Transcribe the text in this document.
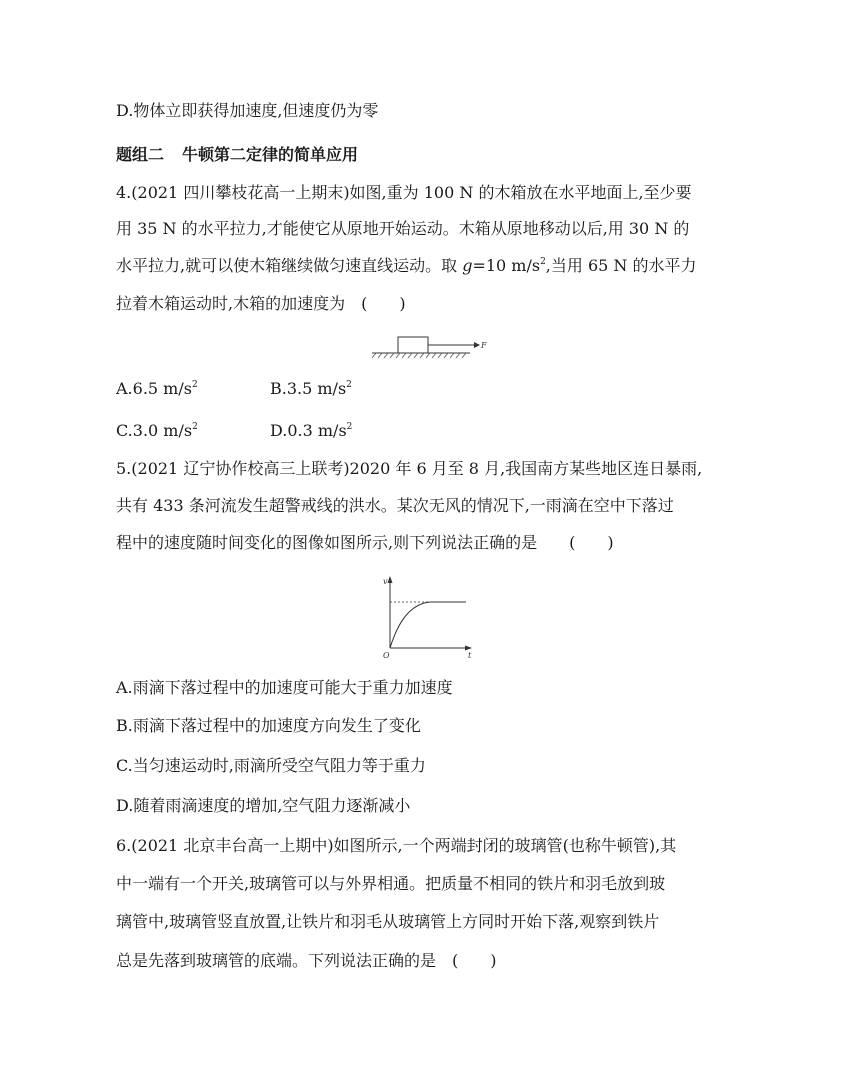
D.物体立即获得加速度,但速度仍为零
题组二 牛顿第二定律的简单应用
4.(2021 四川攀枝花高一上期末)如图,重为 100 N 的木箱放在水平地面上,至少要
用 35 N 的水平拉力,才能使它从原地开始运动。木箱从原地移动以后,用 30 N 的
水平拉力,就可以使木箱继续做匀速直线运动。取 g=10 $m/s^2$,当用 65 N 的水平力
拉着木箱运动时,木箱的加速度为　(　　)
F
A.6.5 $m/s^2$	B.3.5 $m/s^2$
C.3.0 $m/s^2$	D.0.3 $m/s^2$
5.(2021 辽宁协作校高三上联考)2020 年 6 月至 8 月,我国南方某些地区连日暴雨,
共有 433 条河流发生超警戒线的洪水。某次无风的情况下,一雨滴在空中下落过
程中的速度随时间变化的图像如图所示,则下列说法正确的是　　(　　)
v
t
O
A.雨滴下落过程中的加速度可能大于重力加速度
B.雨滴下落过程中的加速度方向发生了变化
C.当匀速运动时,雨滴所受空气阻力等于重力
D.随着雨滴速度的增加,空气阻力逐渐减小
6.(2021 北京丰台高一上期中)如图所示,一个两端封闭的玻璃管(也称牛顿管),其
中一端有一个开关,玻璃管可以与外界相通。把质量不相同的铁片和羽毛放到玻
璃管中,玻璃管竖直放置,让铁片和羽毛从玻璃管上方同时开始下落,观察到铁片
总是先落到玻璃管的底端。下列说法正确的是　(　　)
